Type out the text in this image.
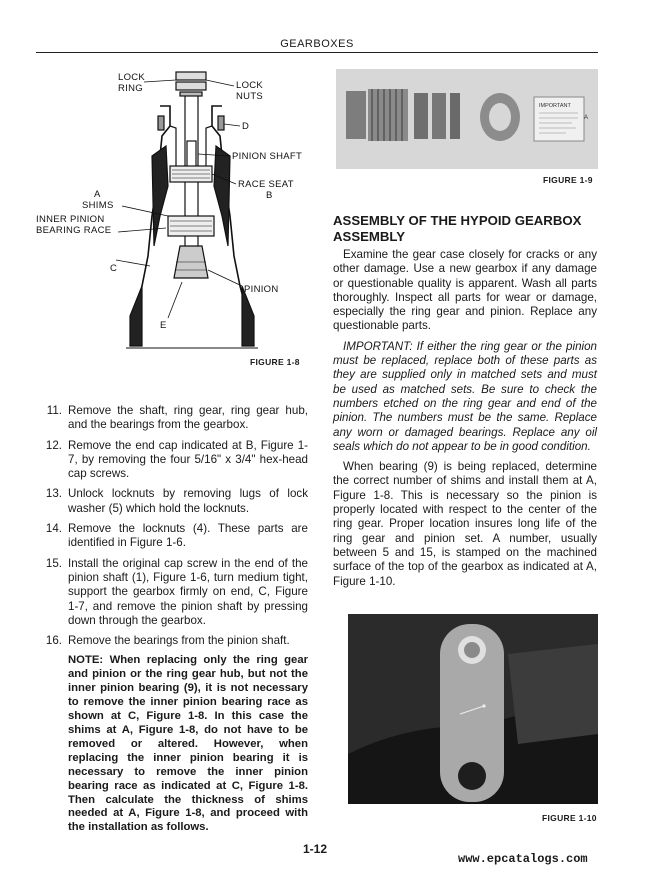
GEARBOXES
LOCK
RING	LOCK
NUTS
D
PINION SHAFT
RACE SEAT
B
A
SHIMS
INNER PINION
BEARING RACE
C
PINION
E
FIGURE 1-8
IMPORTANT
A
FIGURE 1-9
FIGURE 1-10
11. Remove the shaft, ring gear, ring gear hub, and the bearings from the gearbox.
12. Remove the end cap indicated at B, Figure 1-7, by removing the four 5/16" x 3/4" hex-head cap screws.
13. Unlock locknuts by removing lugs of lock washer (5) which hold the locknuts.
14. Remove the locknuts (4). These parts are identified in Figure 1-6.
15. Install the original cap screw in the end of the pinion shaft (1), Figure 1-6, turn medium tight, support the gearbox firmly on end, C, Figure 1-7, and remove the pinion shaft by pressing down through the gearbox.
16. Remove the bearings from the pinion shaft.
NOTE: When replacing only the ring gear and pinion or the ring gear hub, but not the inner pinion bearing (9), it is not necessary to remove the inner pinion bearing race as shown at C, Figure 1-8. In this case the shims at A, Figure 1-8, do not have to be removed or altered. However, when replacing the inner pinion bearing it is necessary to remove the inner pinion bearing race as indicated at C, Figure 1-8. Then calculate the thickness of shims needed at A, Figure 1-8, and proceed with the installation as follows.
ASSEMBLY OF THE HYPOID GEARBOX ASSEMBLY

Examine the gear case closely for cracks or any other damage. Use a new gearbox if any damage or questionable quality is apparent. Wash all parts thoroughly. Inspect all parts for wear or damage, especially the ring gear and pinion. Replace any questionable parts.

IMPORTANT: If either the ring gear or the pinion must be replaced, replace both of these parts as they are supplied only in matched sets and must be used as matched sets. Be sure to check the numbers etched on the ring gear and end of the pinion. The numbers must be the same. Replace any worn or damaged bearings. Replace any oil seals which do not appear to be in good condition.

When bearing (9) is being replaced, determine the correct number of shims and install them at A, Figure 1-8. This is necessary so the pinion is properly located with respect to the center of the ring gear. Proper location insures long life of the ring gear and pinion set. A number, usually between 5 and 15, is stamped on the machined surface of the top of the gearbox as indicated at A, Figure 1-10.

1-12
www.epcatalogs.com
